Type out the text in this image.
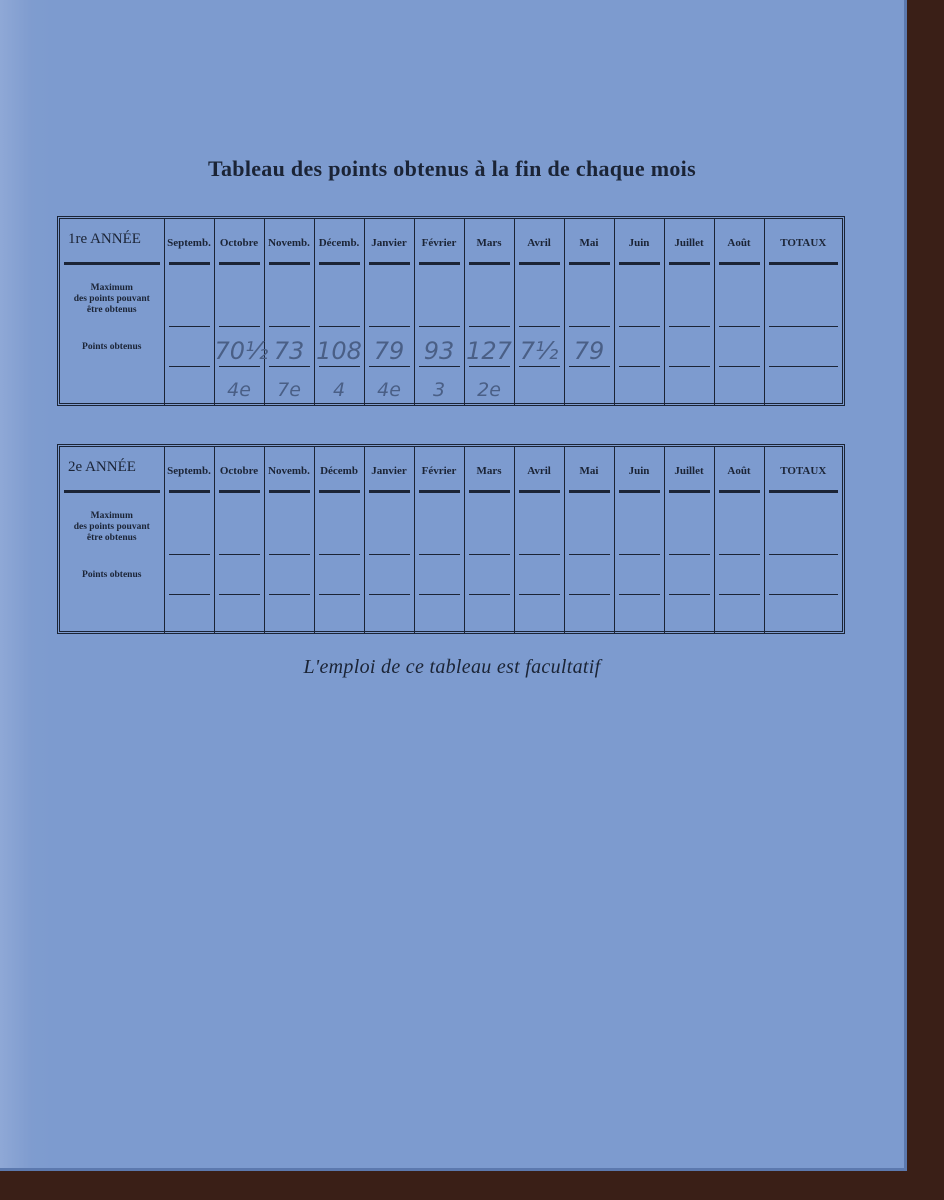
Tableau des points obtenus à la fin de chaque mois
1re ANNÉE	Septemb.	Octobre	Novemb.	Décemb.	Janvier	Février	Mars	Avril	Mai	Juin	Juillet	Août	TOTAUX

Maximum
des points pouvant
être obtenus													

Points obtenus		70½	73	108	79	93	127	7½	79				

		4e	7e	4	4e	3	2e						

2e ANNÉE	Septemb.	Octobre	Novemb.	Décemb	Janvier	Février	Mars	Avril	Mai	Juin	Juillet	Août	TOTAUX

Maximum
des points pouvant
être obtenus													

Points obtenus													

L'emploi de ce tableau est facultatif
